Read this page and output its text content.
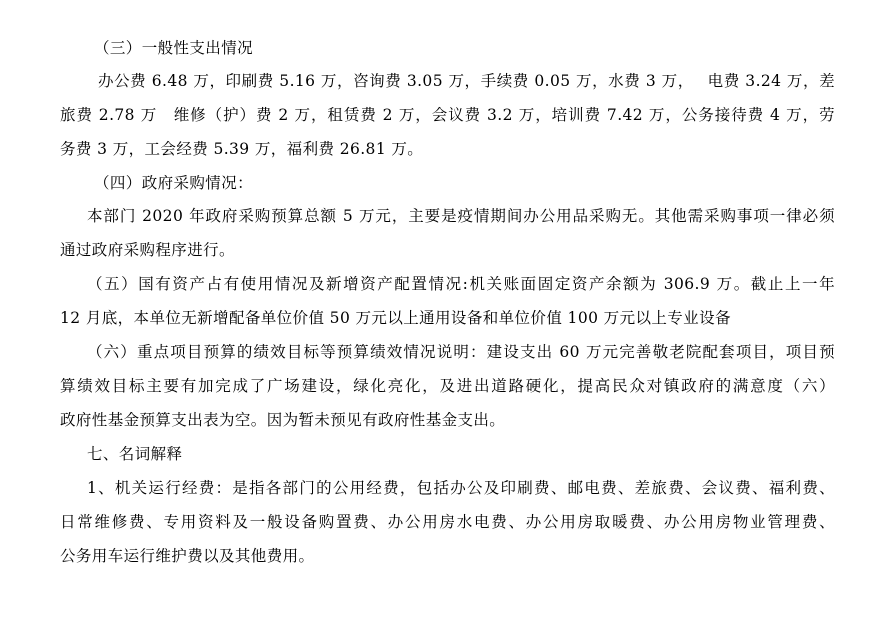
（三）一般性支出情况
办公费 6.48 万，印刷费 5.16 万，咨询费 3.05 万，手续费 0.05 万，水费 3 万，　 电费 3.24 万，差
旅费 2.78 万　维修（护）费 2 万，租赁费 2 万，会议费 3.2 万，培训费 7.42 万，公务接待费 4 万，劳
务费 3 万，工会经费 5.39 万，福利费 26.81 万。
（四）政府采购情况：
本部门 2020 年政府采购预算总额 5 万元，主要是疫情期间办公用品采购无。其他需采购事项一律必须
通过政府采购程序进行。
（五）国有资产占有使用情况及新增资产配置情况:机关账面固定资产余额为 306.9 万。截止上一年
12 月底，本单位无新增配备单位价值 50 万元以上通用设备和单位价值 100 万元以上专业设备
（六）重点项目预算的绩效目标等预算绩效情况说明：建设支出 60 万元完善敬老院配套项目，项目预
算绩效目标主要有加完成了广场建设，绿化亮化，及进出道路硬化，提高民众对镇政府的满意度（六）
政府性基金预算支出表为空。因为暂未预见有政府性基金支出。
七、名词解释
1、机关运行经费：是指各部门的公用经费，包括办公及印刷费、邮电费、差旅费、会议费、福利费、
日常维修费、专用资料及一般设备购置费、办公用房水电费、办公用房取暖费、办公用房物业管理费、
公务用车运行维护费以及其他费用。
